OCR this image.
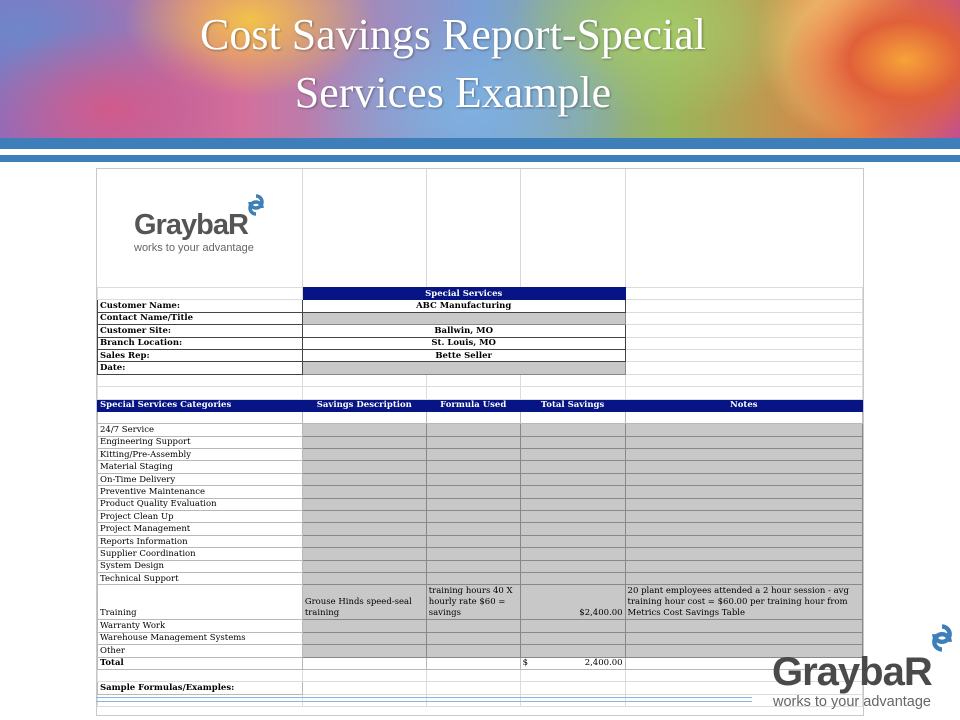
Cost Savings Report-Special
Services Example
GraybaR
works to your advantage
	Special Services			
Customer Name:	ABC Manufacturing			
Contact Name/Title				
Customer Site:	Ballwin, MO			
Branch Location:	St. Louis, MO			
Sales Rep:	Bette Seller			
Date:				

Special Services Categories	Savings Description	Formula Used	Total Savings	Notes

24/7 Service				
Engineering Support				
Kitting/Pre-Assembly				
Material Staging				
On-Time Delivery				
Preventive Maintenance				
Product Quality Evaluation				
Project Clean Up				
Project Management				
Reports Information				
Supplier Coordination				
System Design				
Technical Support				
Training	Grouse Hinds speed-seal training	training hours 40 X hourly rate $60 = savings	$2,400.00	20 plant employees attended a 2 hour session - avg training hour cost = $60.00 per training hour from Metrics Cost Savings Table
Warranty Work				
Warehouse Management Systems				
Other				
Total			$ 2,400.00	

Sample Formulas/Examples:				
					GraybaR
works to your advantage
